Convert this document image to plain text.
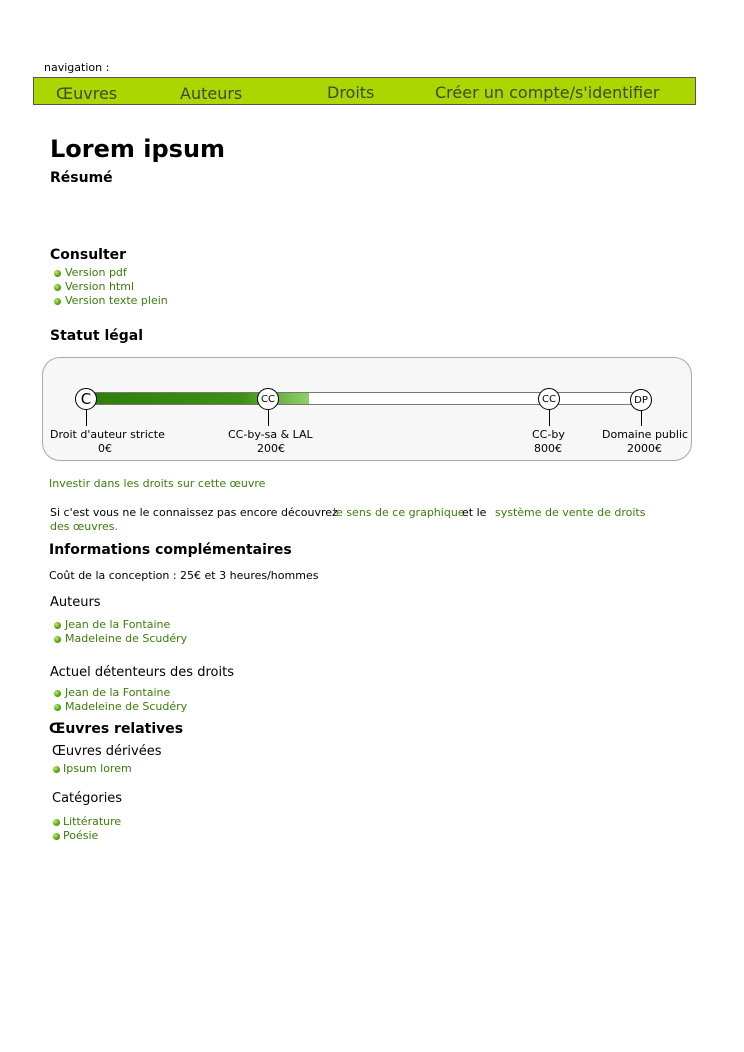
navigation :
Œuvres	Auteurs	Droits	Créer un compte/s'identifier
Lorem ipsum
Résumé
Consulter
Version pdf
Version html
Version texte plein
Statut légal
C	CC	CC	DP
Droit d'auteur stricte
0€
CC-by-sa & LAL
200€
CC-by
800€
Domaine public
2000€
Investir dans les droits sur cette œuvre
Si c'est vous ne le connaissez pas encore découvrez
le sens de ce graphique
et le système de vente de droits
des œuvres.
Informations complémentaires
Coût de la conception : 25€ et 3 heures/hommes
Auteurs
Jean de la Fontaine
Madeleine de Scudéry
Actuel détenteurs des droits
Jean de la Fontaine
Madeleine de Scudéry
Œuvres relatives
Œuvres dérivées
Ipsum lorem
Catégories
Littérature
Poésie
